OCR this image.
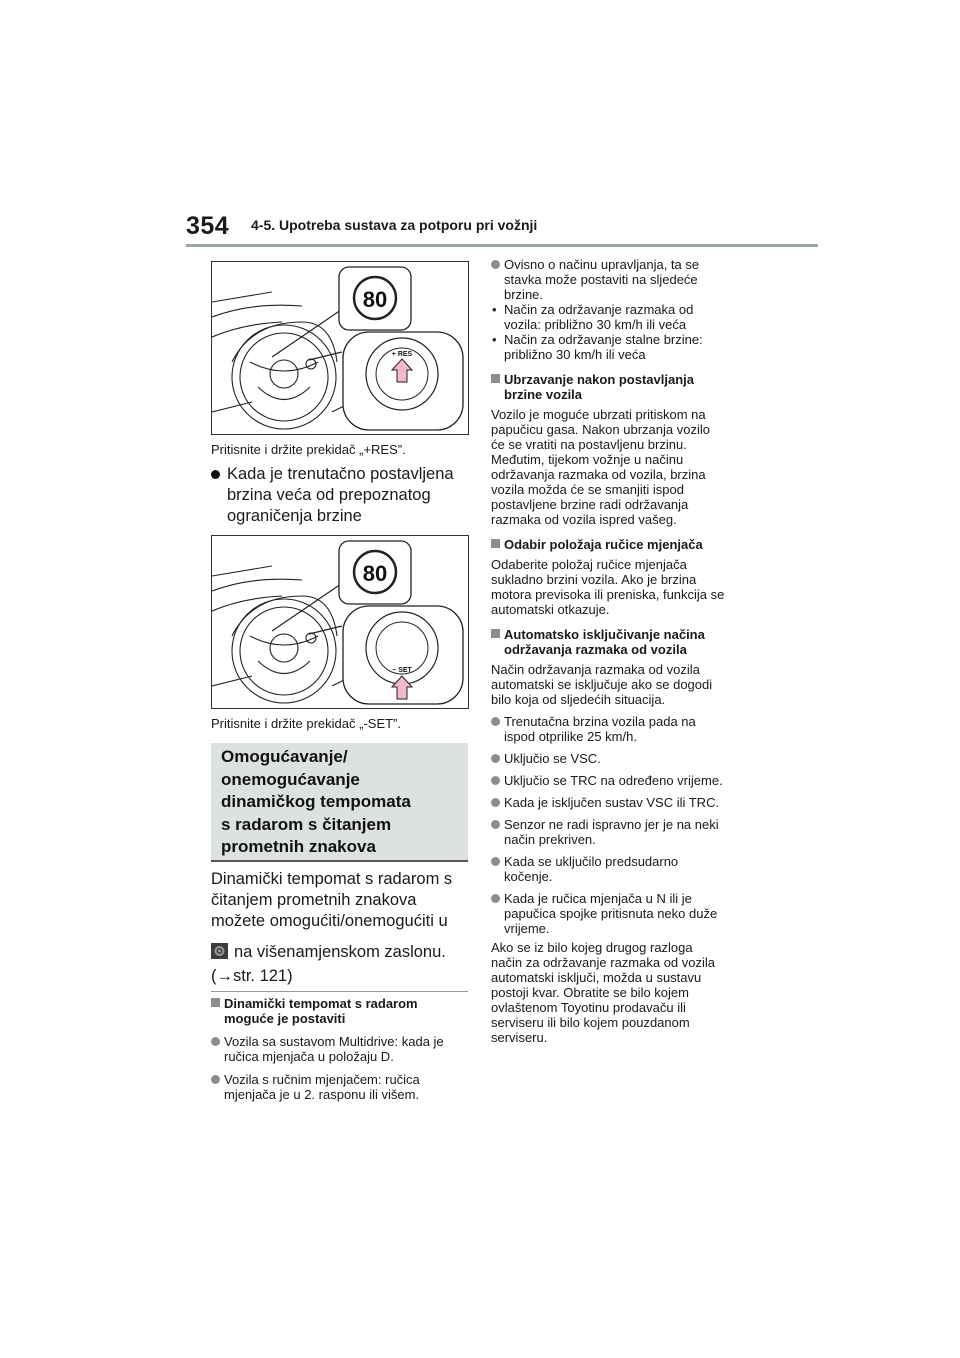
354 4-5. Upotreba sustava za potporu pri vožnji
80
+ RES
Pritisnite i držite prekidač „+RES”.
Kada je trenutačno postavljena
brzina veća od prepoznatog
ograničenja brzine
80
− SET
Pritisnite i držite prekidač „-SET”.
Omogućavanje/
onemogućavanje
dinamičkog tempomata
s radarom s čitanjem
prometnih znakova
Dinamički tempomat s radarom s
čitanjem prometnih znakova
možete omogućiti/onemogućiti u
na višenamjenskom zaslonu.
(→str. 121)
Dinamički tempomat s radarom
moguće je postaviti
Vozila sa sustavom Multidrive: kada je
ručica mjenjača u položaju D.
Vozila s ručnim mjenjačem: ručica
mjenjača je u 2. rasponu ili višem.
Ovisno o načinu upravljanja, ta se
stavka može postaviti na sljedeće
brzine.
• Način za održavanje razmaka od
vozila: približno 30 km/h ili veća
• Način za održavanje stalne brzine:
približno 30 km/h ili veća
Ubrzavanje nakon postavljanja
brzine vozila
Vozilo je moguće ubrzati pritiskom na
papučicu gasa. Nakon ubrzanja vozilo
će se vratiti na postavljenu brzinu.
Međutim, tijekom vožnje u načinu
održavanja razmaka od vozila, brzina
vozila možda će se smanjiti ispod
postavljene brzine radi održavanja
razmaka od vozila ispred vašeg.
Odabir položaja ručice mjenjača
Odaberite položaj ručice mjenjača
sukladno brzini vozila. Ako je brzina
motora previsoka ili preniska, funkcija se
automatski otkazuje.
Automatsko isključivanje načina
održavanja razmaka od vozila
Način održavanja razmaka od vozila
automatski se isključuje ako se dogodi
bilo koja od sljedećih situacija.
Trenutačna brzina vozila pada na
ispod otprilike 25 km/h.
Uključio se VSC.
Uključio se TRC na određeno vrijeme.
Kada je isključen sustav VSC ili TRC.
Senzor ne radi ispravno jer je na neki
način prekriven.
Kada se uključilo predsudarno
kočenje.
Kada je ručica mjenjača u N ili je
papučica spojke pritisnuta neko duže
vrijeme.
Ako se iz bilo kojeg drugog razloga
način za održavanje razmaka od vozila
automatski isključi, možda u sustavu
postoji kvar. Obratite se bilo kojem
ovlaštenom Toyotinu prodavaču ili
serviseru ili bilo kojem pouzdanom
serviseru.
